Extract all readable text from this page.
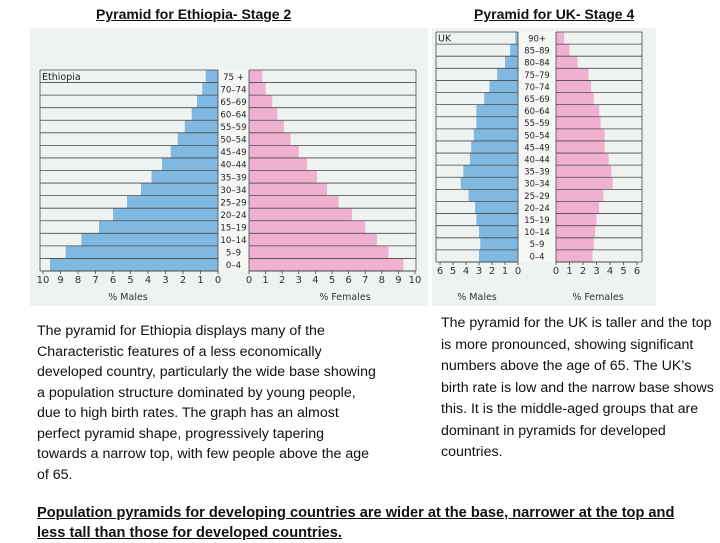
Pyramid for Ethiopia- Stage 2	Pyramid for UK- Stage 4
75 +
70–74
65–69
60–64
55–59
50–54
45–49
40–44
35–39
30–34
25–29
20–24
15–19
10–14
5–9
0–4
Ethiopia
10 9 8 7 6 5 4 3 2 1 0 0 1 2 3 4 5 6 7 8 9 10
% Males	% Females
90+
85–89
80–84
75–79
70–74
65–69
60–64
55–59
50–54
45–49
40–44
35–39
30–34
25–29
20–24
15–19
10–14
5–9
0–4
UK
6 5 4 3 2 1 0	0 1 2 3 4 5 6
% Males	% Females

The pyramid for Ethiopia displays many of the Characteristic features of a less economically developed country, particularly the wide base showing a population structure dominated by young people, due to high birth rates. The graph has an almost perfect pyramid shape, progressively tapering towards a narrow top, with few people above the age of 65.

The pyramid for the UK is taller and the top is more pronounced, showing significant numbers above the age of 65. The UK’s birth rate is low and the narrow base shows this. It is the middle-aged groups that are dominant in pyramids for developed countries.

Population pyramids for developing countries are wider at the base, narrower at the top and less tall than those for developed countries.
